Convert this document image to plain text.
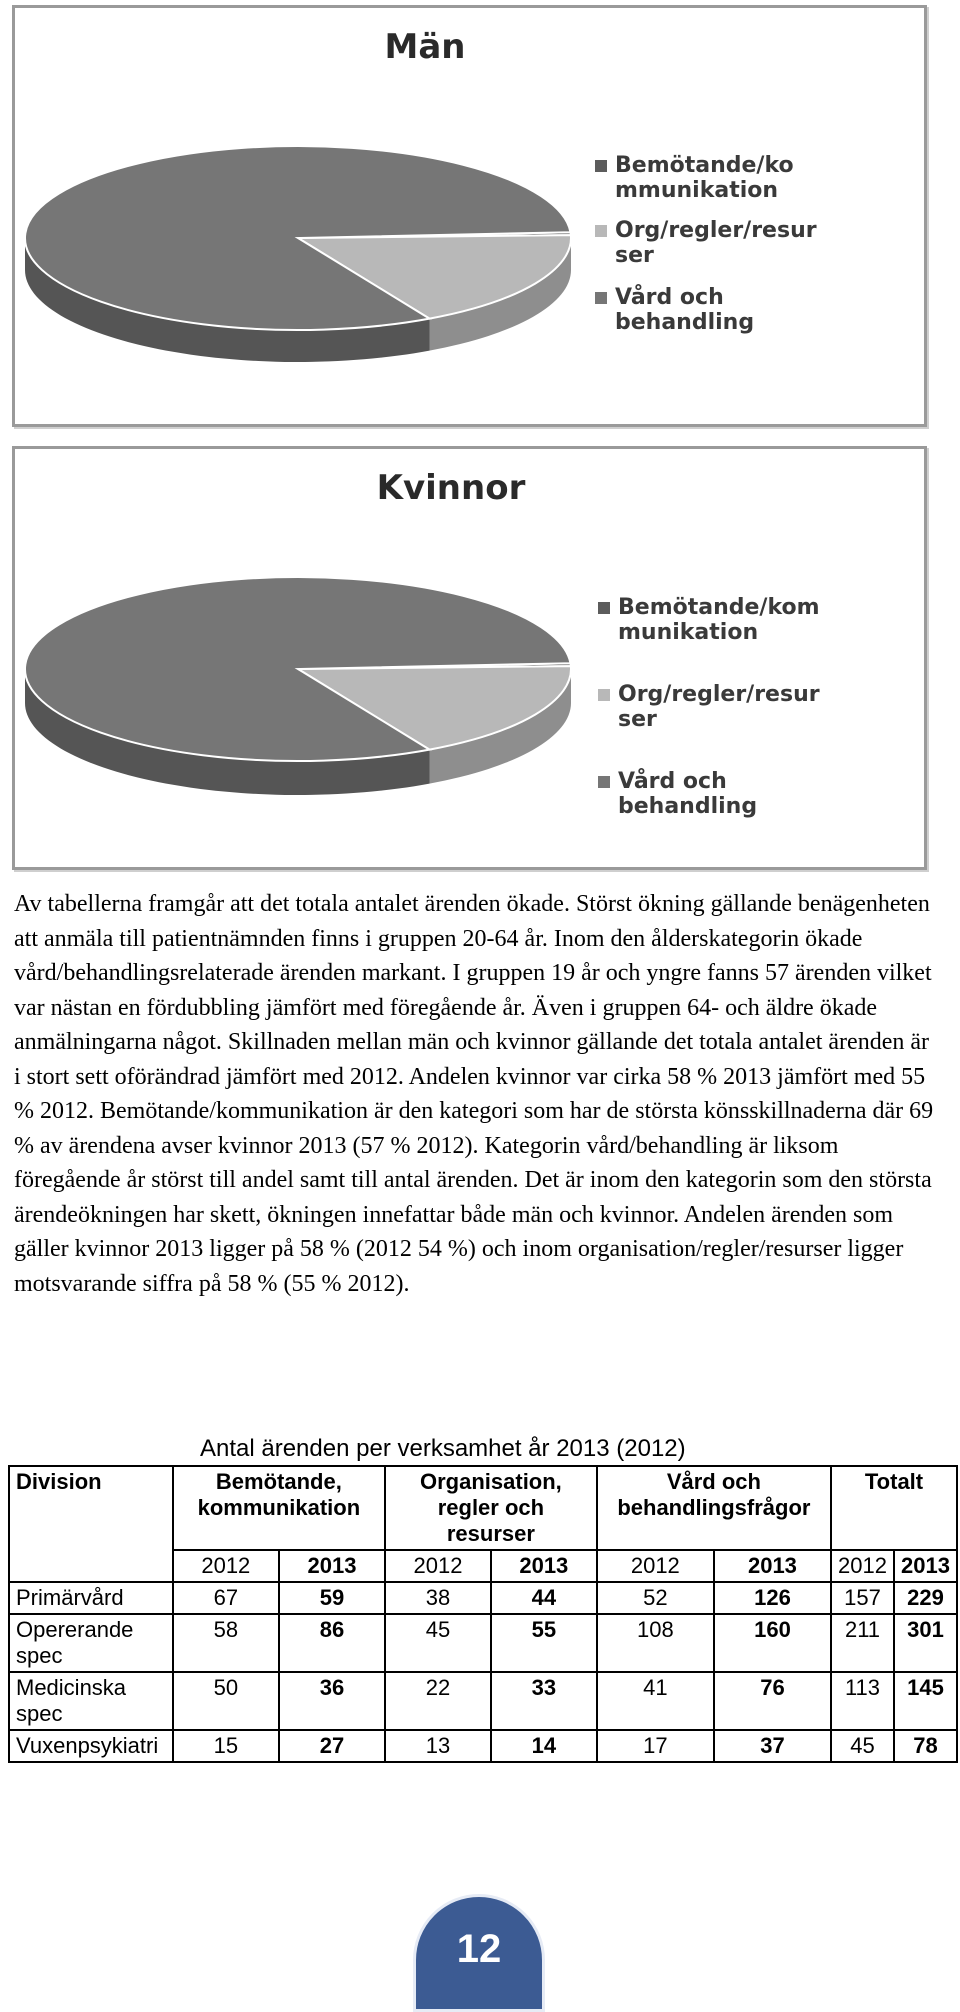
Män
Bemötande/ko
mmunikation
Org/regler/resur
ser
Vård och
behandling
Kvinnor
Bemötande/kom
munikation
Org/regler/resur
ser
Vård och
behandling

Av tabellerna framgår att det totala antalet ärenden ökade. Störst ökning gällande benägenheten att anmäla till patientnämnden finns i gruppen 20-64 år. Inom den ålderskategorin ökade vård/behandlingsrelaterade ärenden markant. I gruppen 19 år och yngre fanns 57 ärenden vilket var nästan en fördubbling jämfört med föregående år. Även i gruppen 64- och äldre ökade anmälningarna något. Skillnaden mellan män och kvinnor gällande det totala antalet ärenden är i stort sett oförändrad jämfört med 2012. Andelen kvinnor var cirka 58 % 2013 jämfört med 55 % 2012. Bemötande/kommunikation är den kategori som har de största könsskillnaderna där 69 % av ärendena avser kvinnor 2013 (57 % 2012). Kategorin vård/behandling är liksom föregående år störst till andel samt till antal ärenden. Det är inom den kategorin som den största ärendeökningen har skett, ökningen innefattar både män och kvinnor. Andelen ärenden som gäller kvinnor 2013 ligger på 58 % (2012 54 %) och inom organisation/regler/resurser ligger motsvarande siffra på 58 % (55 % 2012).

Antal ärenden per verksamhet år 2013 (2012)
Division	Bemötande, kommunikation		Organisation, regler och resurser		Vård och behandlingsfrågor		Totalt	
	2012	2013	2012	2013	2012	2013	2012	2013
Primärvård	67	59	38	44	52	126	157	229
Opererande spec	58	86	45	55	108	160	211	301
Medicinska spec	50	36	22	33	41	76	113	145
Vuxenpsykiatri	15	27	13	14	17	37	45	78
12
